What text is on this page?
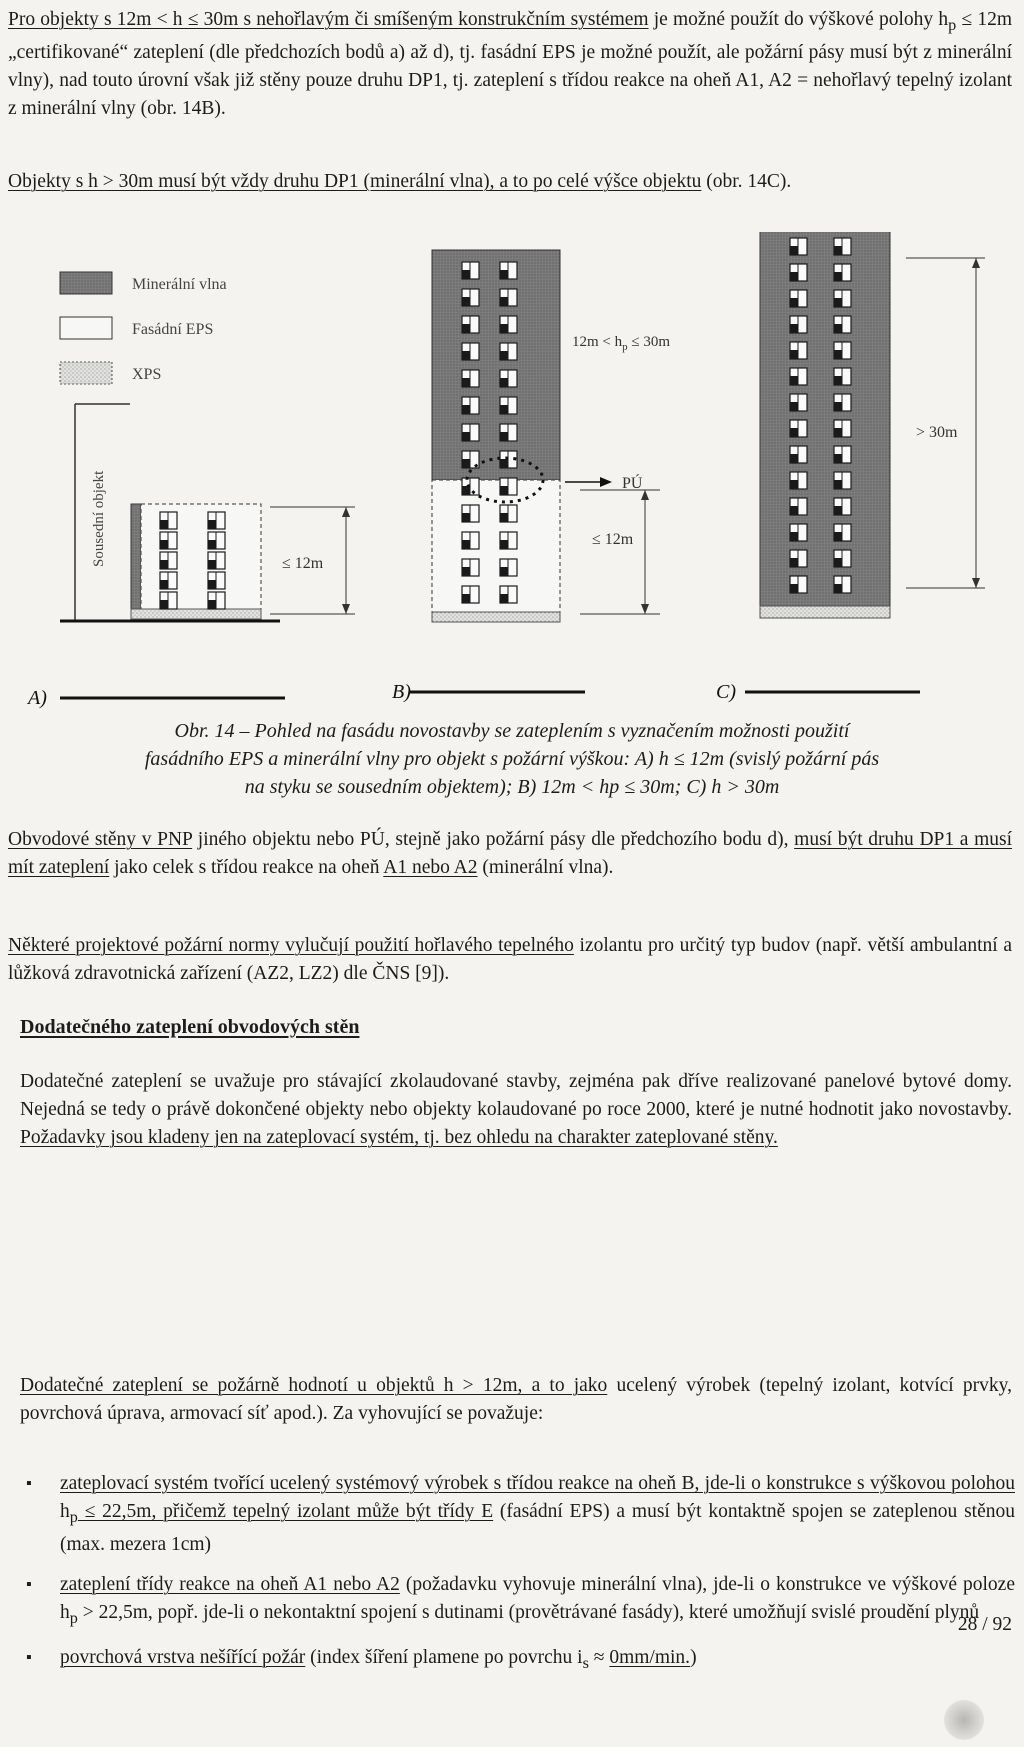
Pro objekty s 12m < h ≤ 30m s nehořlavým či smíšeným konstrukčním systémem je možné použít do výškové polohy $h_p \le 12m$ „certifikované“ zateplení (dle předchozích bodů a) až d), tj. fasádní EPS je možné použít, ale požární pásy musí být z minerální vlny), nad touto úrovní však již stěny pouze druhu DP1, tj. zateplení s třídou reakce na oheň A1, A2 = nehořlavý tepelný izolant z minerální vlny (obr. 14B).

Objekty s h > 30m musí být vždy druhu DP1 (minerální vlna), a to po celé výšce objektu (obr. 14C).

Minerální vlna
Fasádní EPS
XPS
Sousední objekt	≤ 12m
A)
PÚ
$12m < h_p \le 30m$
≤ 12m
B)
> 30m
C)
Obr. 14 – Pohled na fasádu novostavby se zateplením s vyznačením možnosti použití
fasádního EPS a minerální vlny pro objekt s požární výškou: A) h ≤ 12m (svislý požární pás
na styku se sousedním objektem); B) 12m < hp ≤ 30m; C) h > 30m

Obvodové stěny v PNP jiného objektu nebo PÚ, stejně jako požární pásy dle předchozího bodu d), musí být druhu DP1 a musí mít zateplení jako celek s třídou reakce na oheň A1 nebo A2 (minerální vlna).

Některé projektové požární normy vylučují použití hořlavého tepelného izolantu pro určitý typ budov (např. větší ambulantní a lůžková zdravotnická zařízení (AZ2, LZ2) dle ČNS [9]).

Dodatečného zateplení obvodových stěn

Dodatečné zateplení se uvažuje pro stávající zkolaudované stavby, zejména pak dříve realizované panelové bytové domy. Nejedná se tedy o právě dokončené objekty nebo objekty kolaudované po roce 2000, které je nutné hodnotit jako novostavby. Požadavky jsou kladeny jen na zateplovací systém, tj. bez ohledu na charakter zateplované stěny.

Dodatečné zateplení se požárně hodnotí u objektů h > 12m, a to jako ucelený výrobek (tepelný izolant, kotvící prvky, povrchová úprava, armovací síť apod.). Za vyhovující se považuje:

▪ zateplovací systém tvořící ucelený systémový výrobek s třídou reakce na oheň B, jde-li o konstrukce s výškovou polohou $h_p \le 22,5m$, přičemž tepelný izolant může být třídy E (fasádní EPS) a musí být kontaktně spojen se zateplenou stěnou (max. mezera 1cm)
▪ zateplení třídy reakce na oheň A1 nebo A2 (požadavku vyhovuje minerální vlna), jde-li o konstrukce ve výškové poloze $h_p > 22,5m$, popř. jde-li o nekontaktní spojení s dutinami (provětrávané fasády), které umožňují svislé proudění plynů
▪ povrchová vrstva nešířící požár (index šíření plamene po povrchu $i_s \approx 0mm/\min$.)
28 / 92
